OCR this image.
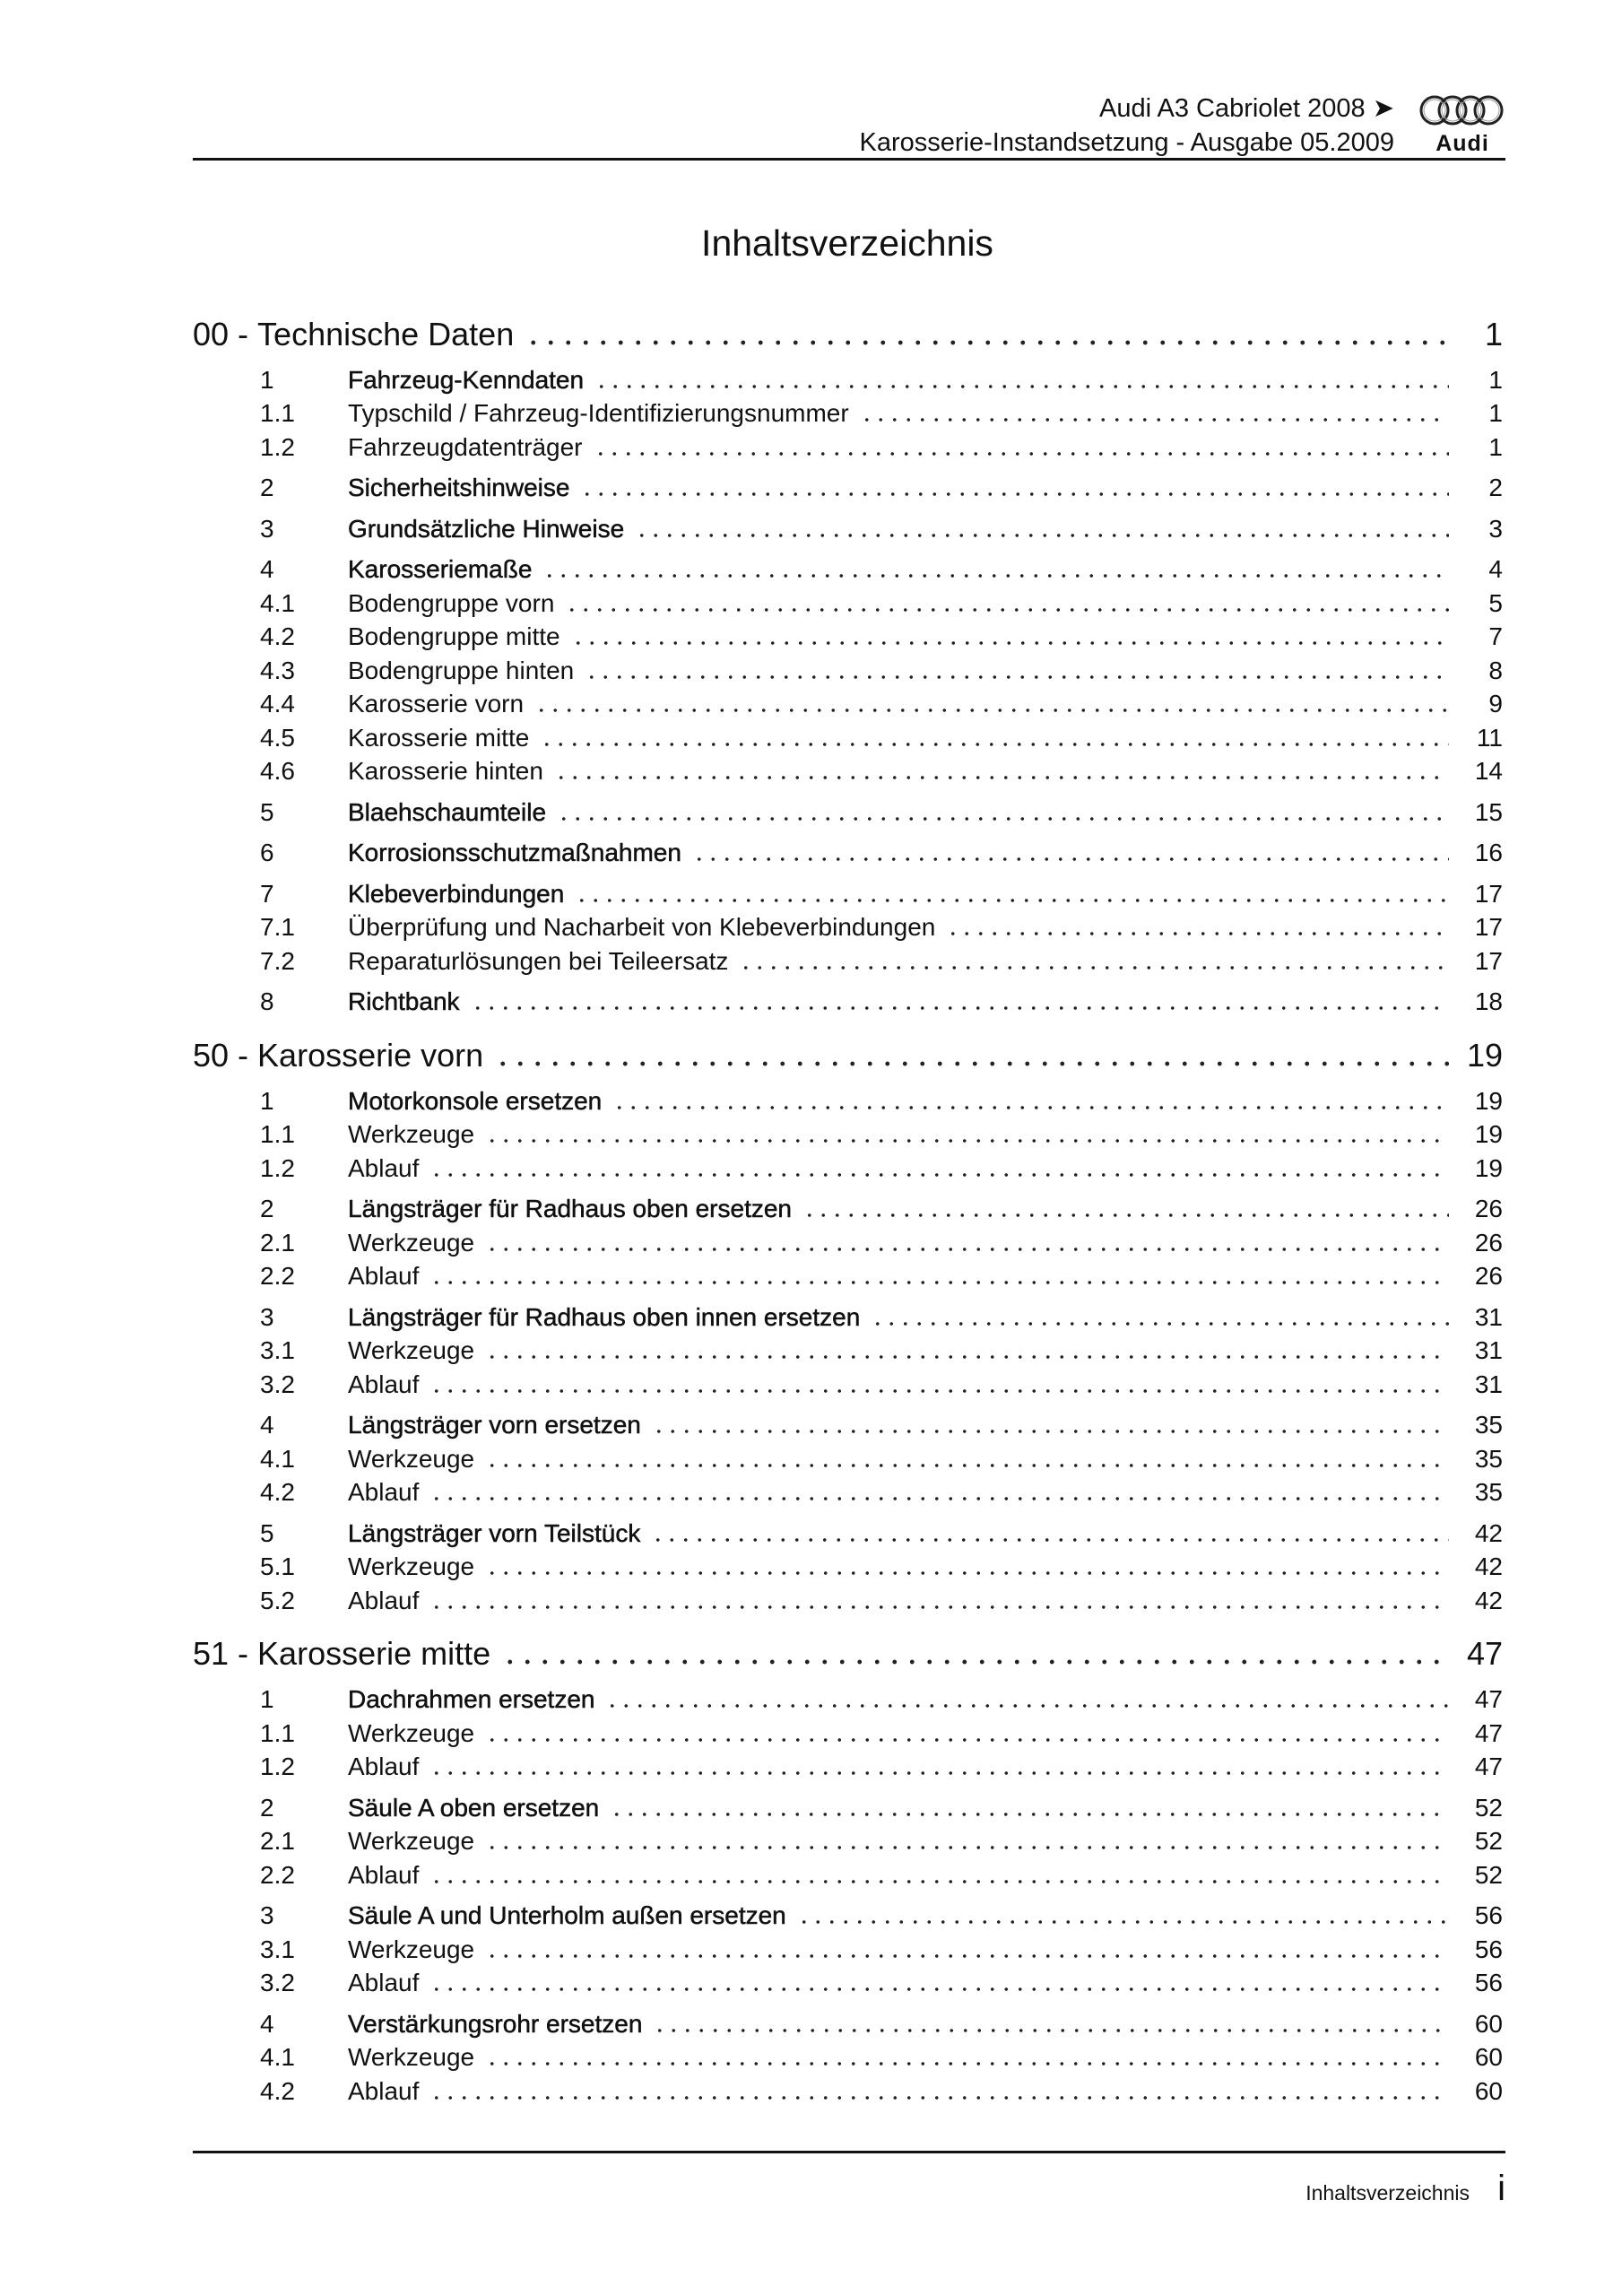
Audi A3 Cabriolet 2008 ➤
Karosserie-Instandsetzung - Ausgabe 05.2009	Audi
Inhaltsverzeichnis
00 - Technische Daten	1
1	Fahrzeug-Kenndaten	1
1.1	Typschild / Fahrzeug-Identifizierungsnummer	1
1.2	Fahrzeugdatenträger	1
2	Sicherheitshinweise	2
3	Grundsätzliche Hinweise	3
4	Karosseriemaße	4
4.1	Bodengruppe vorn	5
4.2	Bodengruppe mitte	7
4.3	Bodengruppe hinten	8
4.4	Karosserie vorn	9
4.5	Karosserie mitte	11
4.6	Karosserie hinten	14
5	Blaehschaumteile	15
6	Korrosionsschutzmaßnahmen	16
7	Klebeverbindungen	17
7.1	Überprüfung und Nacharbeit von Klebeverbindungen	17
7.2	Reparaturlösungen bei Teileersatz	17
8	Richtbank	18
50 - Karosserie vorn	19
1	Motorkonsole ersetzen	19
1.1	Werkzeuge	19
1.2	Ablauf	19
2	Längsträger für Radhaus oben ersetzen	26
2.1	Werkzeuge	26
2.2	Ablauf	26
3	Längsträger für Radhaus oben innen ersetzen	31
3.1	Werkzeuge	31
3.2	Ablauf	31
4	Längsträger vorn ersetzen	35
4.1	Werkzeuge	35
4.2	Ablauf	35
5	Längsträger vorn Teilstück	42
5.1	Werkzeuge	42
5.2	Ablauf	42
51 - Karosserie mitte	47
1	Dachrahmen ersetzen	47
1.1	Werkzeuge	47
1.2	Ablauf	47
2	Säule A oben ersetzen	52
2.1	Werkzeuge	52
2.2	Ablauf	52
3	Säule A und Unterholm außen ersetzen	56
3.1	Werkzeuge	56
3.2	Ablauf	56
4	Verstärkungsrohr ersetzen	60
4.1	Werkzeuge	60
4.2	Ablauf	60
Inhaltsverzeichnis i
